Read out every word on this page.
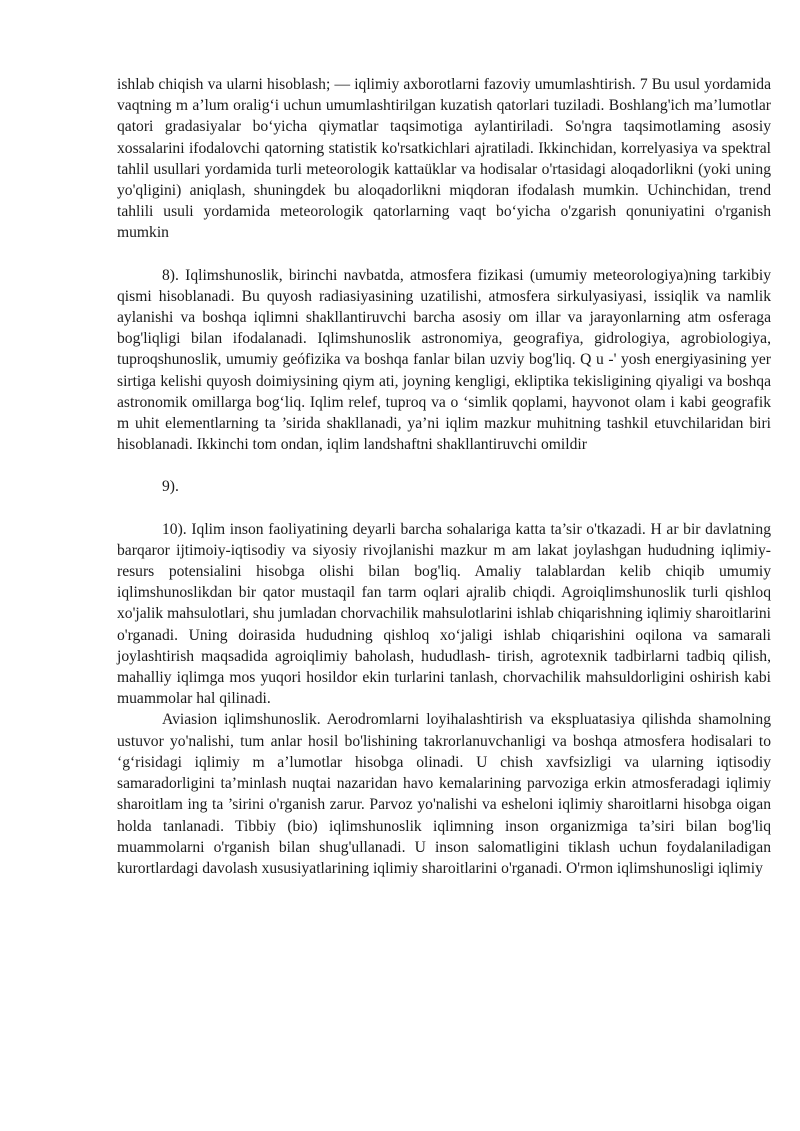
ishlab chiqish va ularni hisoblash; — iqlimiy axborotlarni fazoviy umumlashtirish. 7 Bu usul yordamida vaqtning m a’lum oralig‘i uchun umumlashtirilgan kuzatish qatorlari tuziladi. Boshlang'ich ma’lumotlar qatori gradasiyalar bo‘yicha qiymatlar taqsimotiga aylantiriladi. So'ngra taqsimotlaming asosiy xossalarini ifodalovchi qatorning statistik ko'rsatkichlari ajratiladi. Ikkinchidan, korrelyasiya va spektral tahlil usullari yordamida turli meteorologik kattaüklar va hodisalar o'rtasidagi aloqadorlikni (yoki uning yo'qligini) aniqlash, shuningdek bu aloqadorlikni miqdoran ifodalash mumkin. Uchinchidan, trend tahlili usuli yordamida meteorologik qatorlarning vaqt bo‘yicha o'zgarish qonuniyatini o'rganish mumkin

8). Iqlimshunoslik, birinchi navbatda, atmosfera fizikasi (umumiy meteorologiya)ning tarkibiy qismi hisoblanadi. Bu quyosh radiasiyasining uzatilishi, atmosfera sirkulyasiyasi, issiqlik va namlik aylanishi va boshqa iqlimni shakllantiruvchi barcha asosiy om illar va jarayonlarning atm osferaga bog'liqligi bilan ifodalanadi. Iqlimshunoslik astronomiya, geografiya, gidrologiya, agrobiologiya, tuproqshunoslik, umumiy geófizika va boshqa fanlar bilan uzviy bog'liq. Q u -' yosh energiyasining yer sirtiga kelishi quyosh doimiysining qiym ati, joyning kengligi, ekliptika tekisligining qiyaligi va boshqa astronomik omillarga bog‘liq. Iqlim relef, tuproq va o ‘simlik qoplami, hayvonot olam i kabi geografik m uhit elementlarning ta ’sirida shakllanadi, ya’ni iqlim mazkur muhitning tashkil etuvchilaridan biri hisoblanadi. Ikkinchi tom ondan, iqlim landshaftni shakllantiruvchi omildir

9).

10). Iqlim inson faoliyatining deyarli barcha sohalariga katta ta’sir o'tkazadi. H ar bir davlatning barqaror ijtimoiy-iqtisodiy va siyosiy rivojlanishi mazkur m am lakat joylashgan hududning iqlimiy-resurs potensialini hisobga olishi bilan bog'liq. Amaliy talablardan kelib chiqib umumiy iqlimshunoslikdan bir qator mustaqil fan tarm oqlari ajralib chiqdi. Agroiqlimshunoslik turli qishloq xo'jalik mahsulotlari, shu jumladan chorvachilik mahsulotlarini ishlab chiqarishning iqlimiy sharoitlarini o'rganadi. Uning doirasida hududning qishloq xo‘jaligi ishlab chiqarishini oqilona va samarali joylashtirish maqsadida agroiqlimiy baholash, hududlash- tirish, agrotexnik tadbirlarni tadbiq qilish, mahalliy iqlimga mos yuqori hosildor ekin turlarini tanlash, chorvachilik mahsuldorligini oshirish kabi muammolar hal qilinadi.

Aviasion iqlimshunoslik. Aerodromlarni loyihalashtirish va ekspluatasiya qilishda shamolning ustuvor yo'nalishi, tum anlar hosil bo'lishining takrorlanuvchanligi va boshqa atmosfera hodisalari to ‘g‘risidagi iqlimiy m a’lumotlar hisobga olinadi. U chish xavfsizligi va ularning iqtisodiy samaradorligini ta’minlash nuqtai nazaridan havo kemalarining parvoziga erkin atmosferadagi iqlimiy sharoitlam ing ta ’sirini o'rganish zarur. Parvoz yo'nalishi va esheloni iqlimiy sharoitlarni hisobga oigan holda tanlanadi. Tibbiy (bio) iqlimshunoslik iqlimning inson organizmiga ta’siri bilan bog'liq muammolarni o'rganish bilan shug'ullanadi. U inson salomatligini tiklash uchun foydalaniladigan kurortlardagi davolash xususiyatlarining iqlimiy sharoitlarini o'rganadi. O'rmon iqlimshunosligi iqlimiy
